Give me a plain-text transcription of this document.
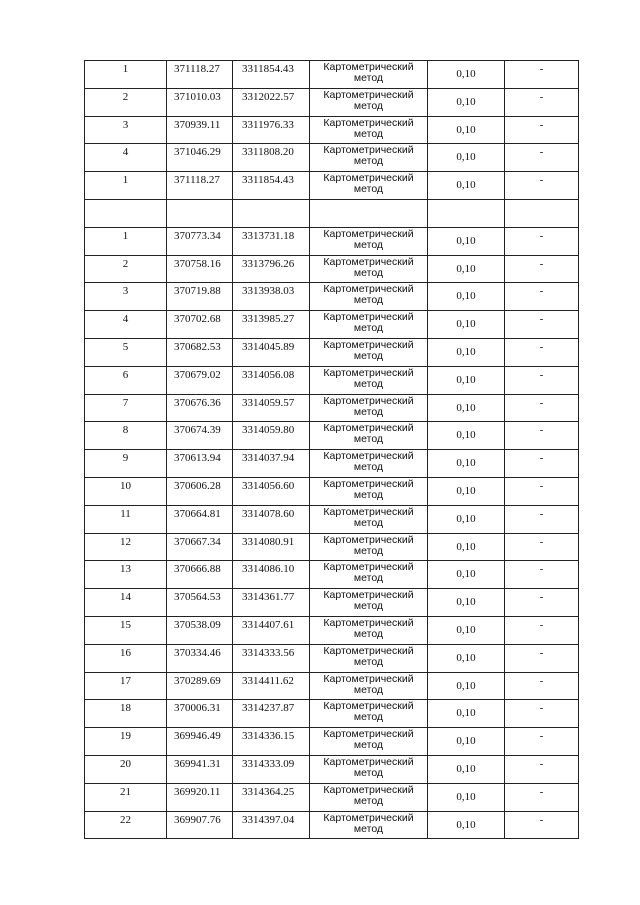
1	371118.27	3311854.43	Картометрический метод	0,10	-

2	371010.03	3312022.57	Картометрический метод	0,10	-

3	370939.11	3311976.33	Картометрический метод	0,10	-

4	371046.29	3311808.20	Картометрический метод	0,10	-

1	371118.27	3311854.43	Картометрический метод	0,10	-

1	370773.34	3313731.18	Картометрический метод	0,10	-

2	370758.16	3313796.26	Картометрический метод	0,10	-

3	370719.88	3313938.03	Картометрический метод	0,10	-

4	370702.68	3313985.27	Картометрический метод	0,10	-

5	370682.53	3314045.89	Картометрический метод	0,10	-

6	370679.02	3314056.08	Картометрический метод	0,10	-

7	370676.36	3314059.57	Картометрический метод	0,10	-

8	370674.39	3314059.80	Картометрический метод	0,10	-

9	370613.94	3314037.94	Картометрический метод	0,10	-

10	370606.28	3314056.60	Картометрический метод	0,10	-

11	370664.81	3314078.60	Картометрический метод	0,10	-

12	370667.34	3314080.91	Картометрический метод	0,10	-

13	370666.88	3314086.10	Картометрический метод	0,10	-

14	370564.53	3314361.77	Картометрический метод	0,10	-

15	370538.09	3314407.61	Картометрический метод	0,10	-

16	370334.46	3314333.56	Картометрический метод	0,10	-

17	370289.69	3314411.62	Картометрический метод	0,10	-

18	370006.31	3314237.87	Картометрический метод	0,10	-

19	369946.49	3314336.15	Картометрический метод	0,10	-

20	369941.31	3314333.09	Картометрический метод	0,10	-

21	369920.11	3314364.25	Картометрический метод	0,10	-

22	369907.76	3314397.04	Картометрический метод	0,10	-
